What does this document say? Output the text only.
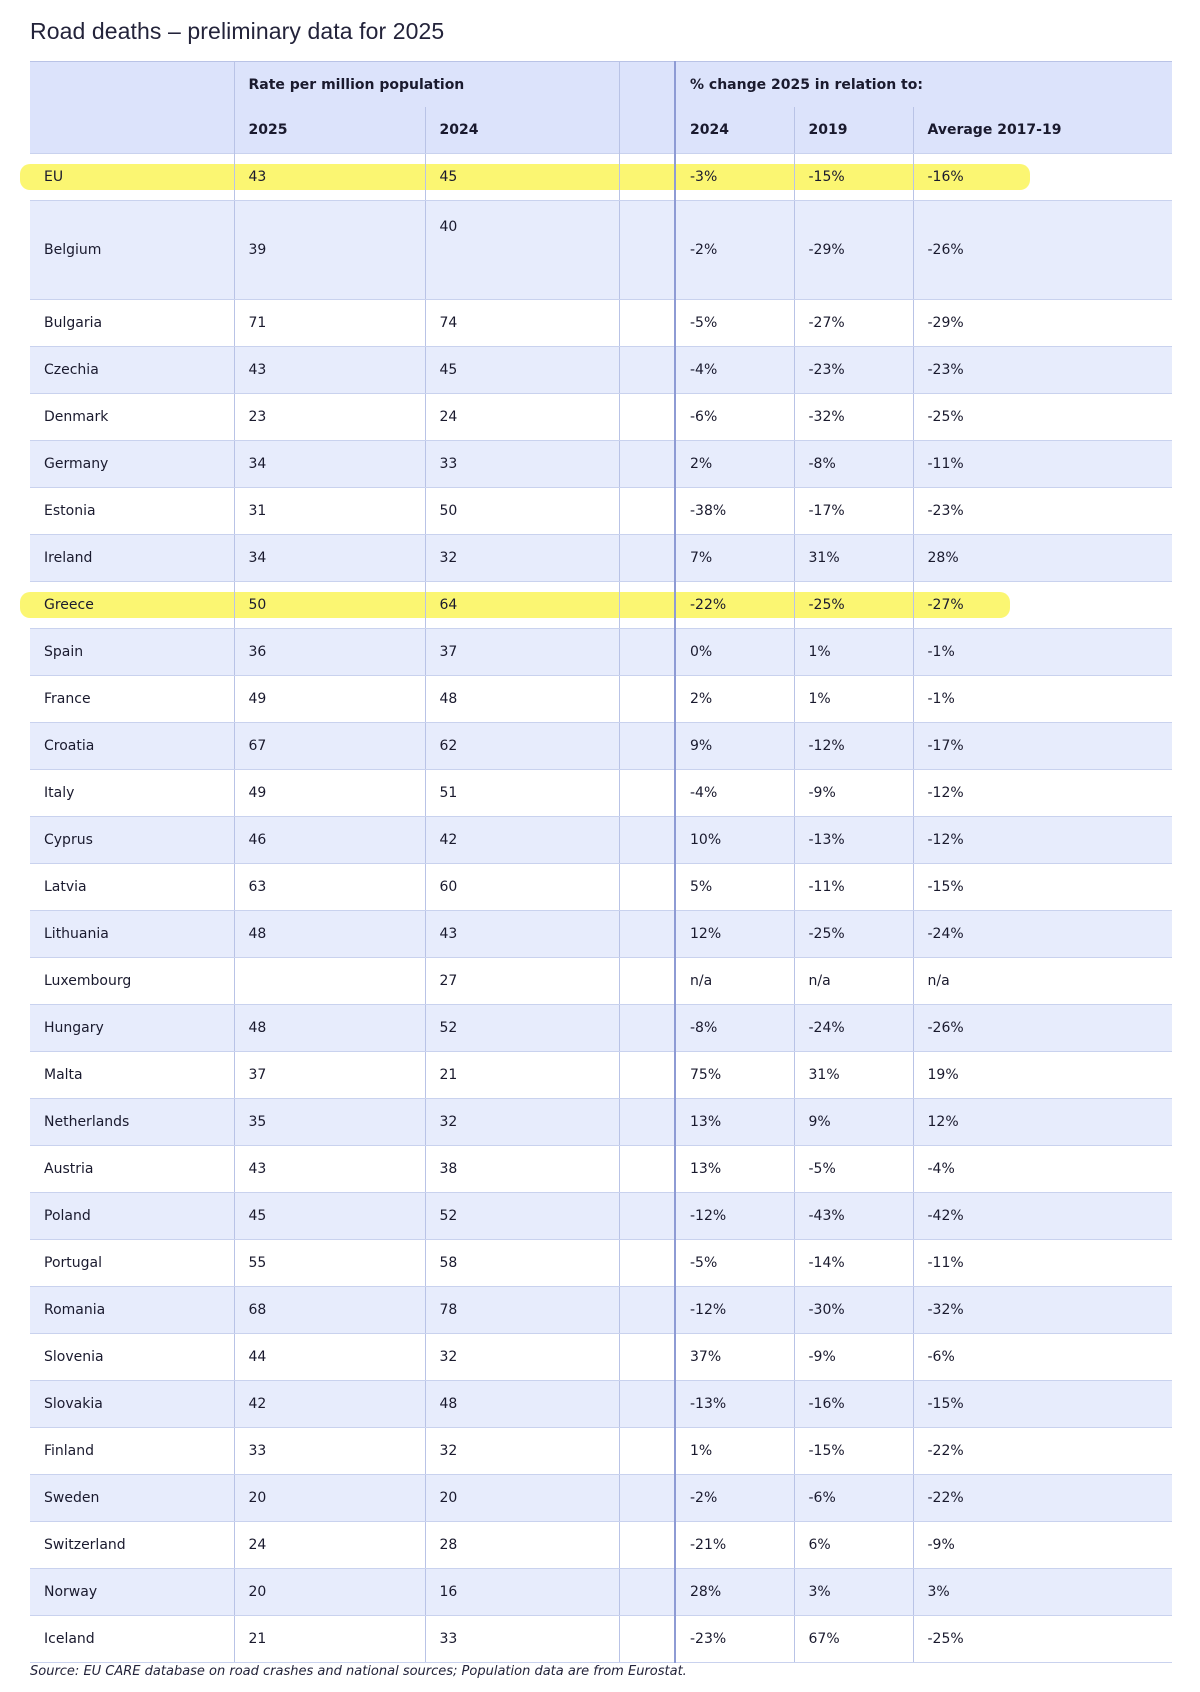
Road deaths – preliminary data for 2025
	Rate per million population			% change 2025 in relation to:		
	2025	2024		2024	2019	Average 2017-19
EU	43	45		-3%	-15%	-16%
Belgium	39	40		-2%	-29%	-26%
Bulgaria	71	74		-5%	-27%	-29%
Czechia	43	45		-4%	-23%	-23%
Denmark	23	24		-6%	-32%	-25%
Germany	34	33		2%	-8%	-11%
Estonia	31	50		-38%	-17%	-23%
Ireland	34	32		7%	31%	28%
Greece	50	64		-22%	-25%	-27%
Spain	36	37		0%	1%	-1%
France	49	48		2%	1%	-1%
Croatia	67	62		9%	-12%	-17%
Italy	49	51		-4%	-9%	-12%
Cyprus	46	42		10%	-13%	-12%
Latvia	63	60		5%	-11%	-15%
Lithuania	48	43		12%	-25%	-24%
Luxembourg		27		n/a	n/a	n/a
Hungary	48	52		-8%	-24%	-26%
Malta	37	21		75%	31%	19%
Netherlands	35	32		13%	9%	12%
Austria	43	38		13%	-5%	-4%
Poland	45	52		-12%	-43%	-42%
Portugal	55	58		-5%	-14%	-11%
Romania	68	78		-12%	-30%	-32%
Slovenia	44	32		37%	-9%	-6%
Slovakia	42	48		-13%	-16%	-15%
Finland	33	32		1%	-15%	-22%
Sweden	20	20		-2%	-6%	-22%
Switzerland	24	28		-21%	6%	-9%
Norway	20	16		28%	3%	3%
Iceland	21	33		-23%	67%	-25%
Source: EU CARE database on road crashes and national sources; Population data are from Eurostat.
